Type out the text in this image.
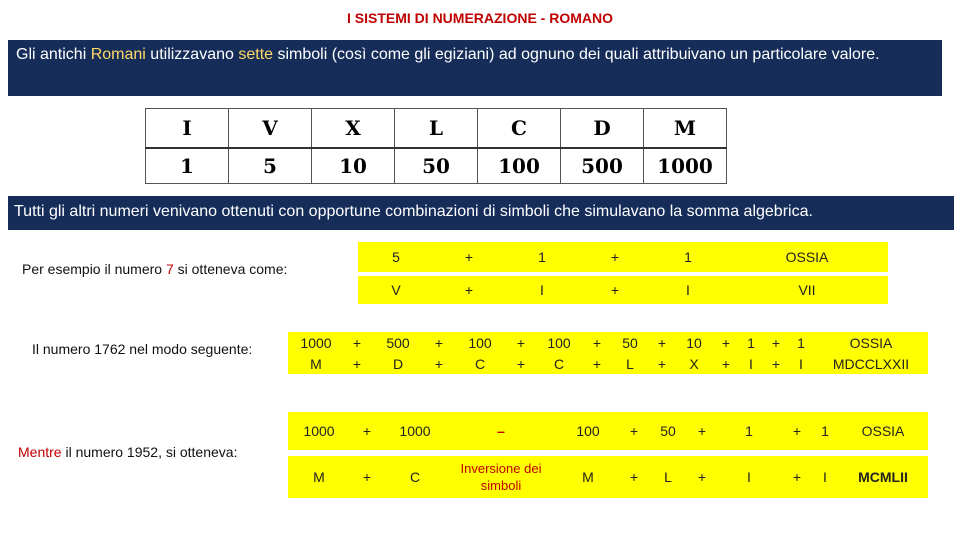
I SISTEMI DI NUMERAZIONE - ROMANO
Gli antichi Romani utilizzavano sette simboli (così come gli egiziani) ad ognuno dei quali attribuivano un particolare valore.
I	V	X	L	C	D	M
1	5	10	50	100	500	1000
Tutti gli altri numeri venivano ottenuti con opportune combinazioni di simboli che simulavano la somma algebrica.
Per esempio il numero 7 si otteneva come:
5	+	1	+	1	OSSIA

V	+	I	+	I	VII
Il numero 1762 nel modo seguente:	1000	+	500	+	100	+	100	+	50	+	10	+	1	+	1	OSSIA
M	+	D	+	C	+	C	+	L	+	X	+	I	+	I	MDCCLXXII
Mentre il numero 1952, si otteneva:
1000	+	1000	–	100	+	50	+	1	+	1	OSSIA

M	+	C	Inversione dei simboli	M	+	L	+	I	+	I	MCMLII
